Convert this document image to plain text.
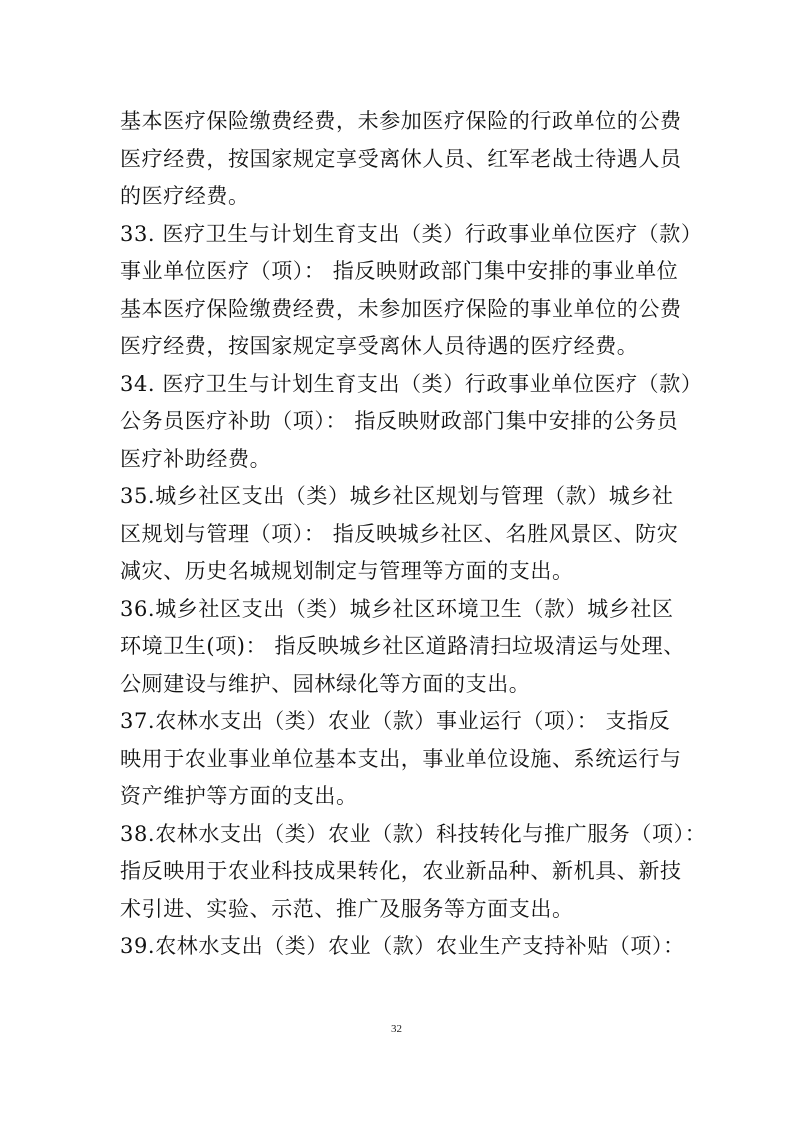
基本医疗保险缴费经费，未参加医疗保险的行政单位的公费
医疗经费，按国家规定享受离休人员、红军老战士待遇人员
的医疗经费。
33. 医疗卫生与计划生育支出（类）行政事业单位医疗（款）
事业单位医疗（项）： 指反映财政部门集中安排的事业单位
基本医疗保险缴费经费，未参加医疗保险的事业单位的公费
医疗经费，按国家规定享受离休人员待遇的医疗经费。
34. 医疗卫生与计划生育支出（类）行政事业单位医疗（款）
公务员医疗补助（项）： 指反映财政部门集中安排的公务员
医疗补助经费。
35.城乡社区支出（类）城乡社区规划与管理（款）城乡社
区规划与管理（项）： 指反映城乡社区、名胜风景区、防灾
减灾、历史名城规划制定与管理等方面的支出。
36.城乡社区支出（类）城乡社区环境卫生（款）城乡社区
环境卫生(项)： 指反映城乡社区道路清扫垃圾清运与处理、
公厕建设与维护、园林绿化等方面的支出。
37.农林水支出（类）农业（款）事业运行（项）： 支指反
映用于农业事业单位基本支出，事业单位设施、系统运行与
资产维护等方面的支出。
38.农林水支出（类）农业（款）科技转化与推广服务（项）：
指反映用于农业科技成果转化，农业新品种、新机具、新技
术引进、实验、示范、推广及服务等方面支出。
39.农林水支出（类）农业（款）农业生产支持补贴（项）：
32
